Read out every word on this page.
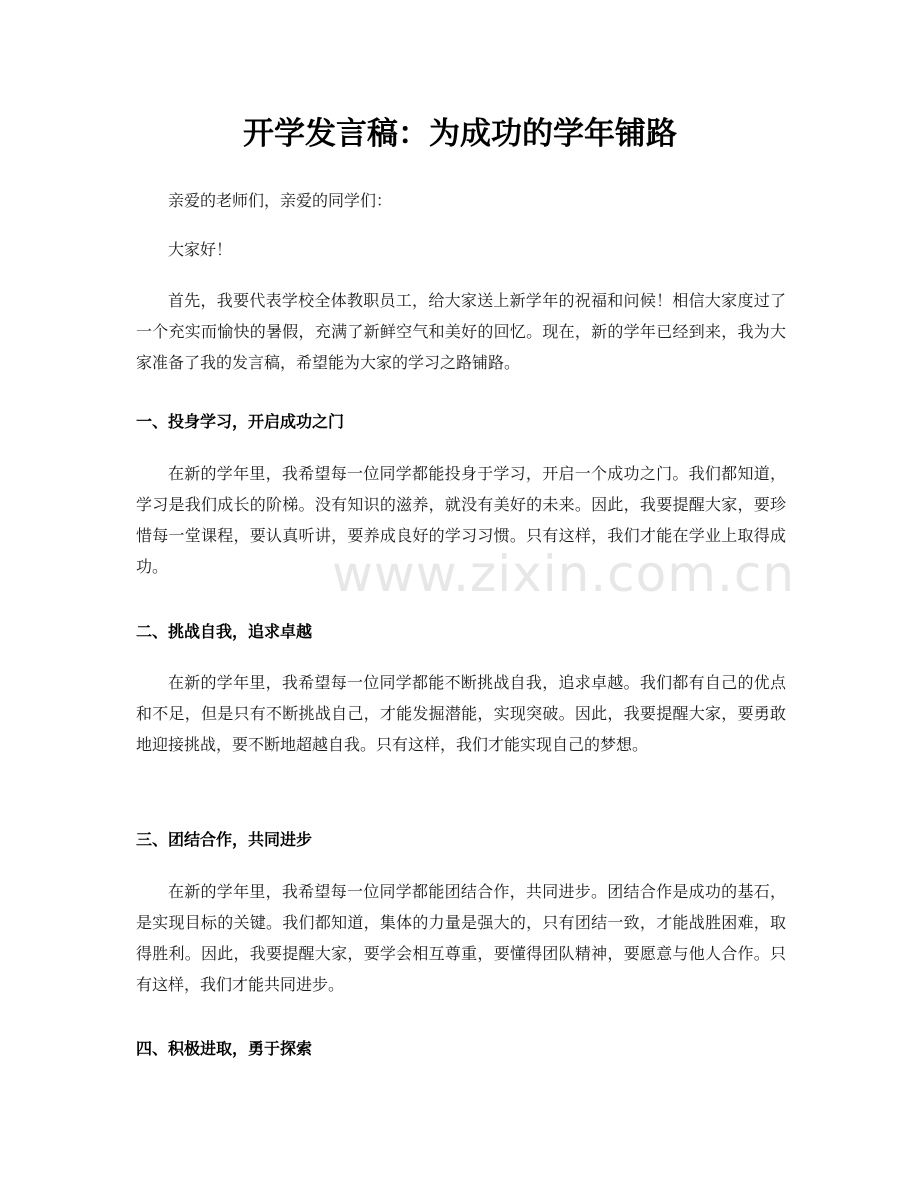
开学发言稿：为成功的学年铺路

亲爱的老师们，亲爱的同学们：

大家好！

首先，我要代表学校全体教职员工，给大家送上新学年的祝福和问候！相信大家度过了一个充实而愉快的暑假，充满了新鲜空气和美好的回忆。现在，新的学年已经到来，我为大家准备了我的发言稿，希望能为大家的学习之路铺路。

一、投身学习，开启成功之门

在新的学年里，我希望每一位同学都能投身于学习，开启一个成功之门。我们都知道，学习是我们成长的阶梯。没有知识的滋养，就没有美好的未来。因此，我要提醒大家，要珍惜每一堂课程，要认真听讲，要养成良好的学习习惯。只有这样，我们才能在学业上取得成功。

二、挑战自我，追求卓越

在新的学年里，我希望每一位同学都能不断挑战自我，追求卓越。我们都有自己的优点和不足，但是只有不断挑战自己，才能发掘潜能，实现突破。因此，我要提醒大家，要勇敢地迎接挑战，要不断地超越自我。只有这样，我们才能实现自己的梦想。

三、团结合作，共同进步

在新的学年里，我希望每一位同学都能团结合作，共同进步。团结合作是成功的基石，是实现目标的关键。我们都知道，集体的力量是强大的，只有团结一致，才能战胜困难，取得胜利。因此，我要提醒大家，要学会相互尊重，要懂得团队精神，要愿意与他人合作。只有这样，我们才能共同进步。

四、积极进取，勇于探索
www.zixin.com.cn
